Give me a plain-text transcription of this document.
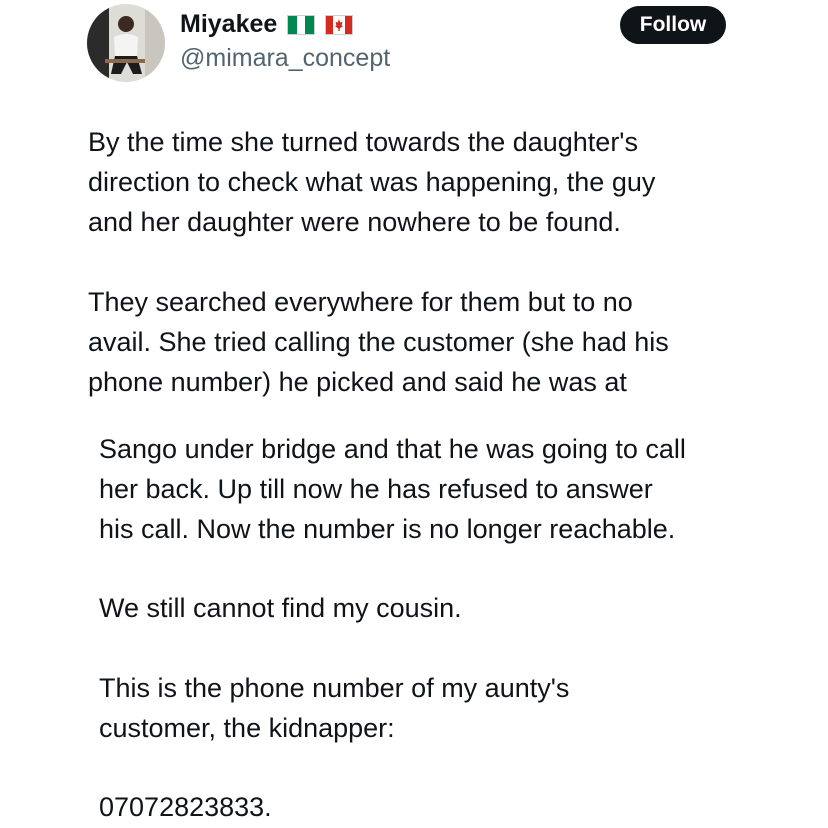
Miyakee
@mimara_concept
Follow

By the time she turned towards the daughter's
direction to check what was happening, the guy
and her daughter were nowhere to be found.

They searched everywhere for them but to no
avail. She tried calling the customer (she had his
phone number) he picked and said he was at

Sango under bridge and that he was going to call
her back. Up till now he has refused to answer
his call. Now the number is no longer reachable.

We still cannot find my cousin.

This is the phone number of my aunty's
customer, the kidnapper:

07072823833.
